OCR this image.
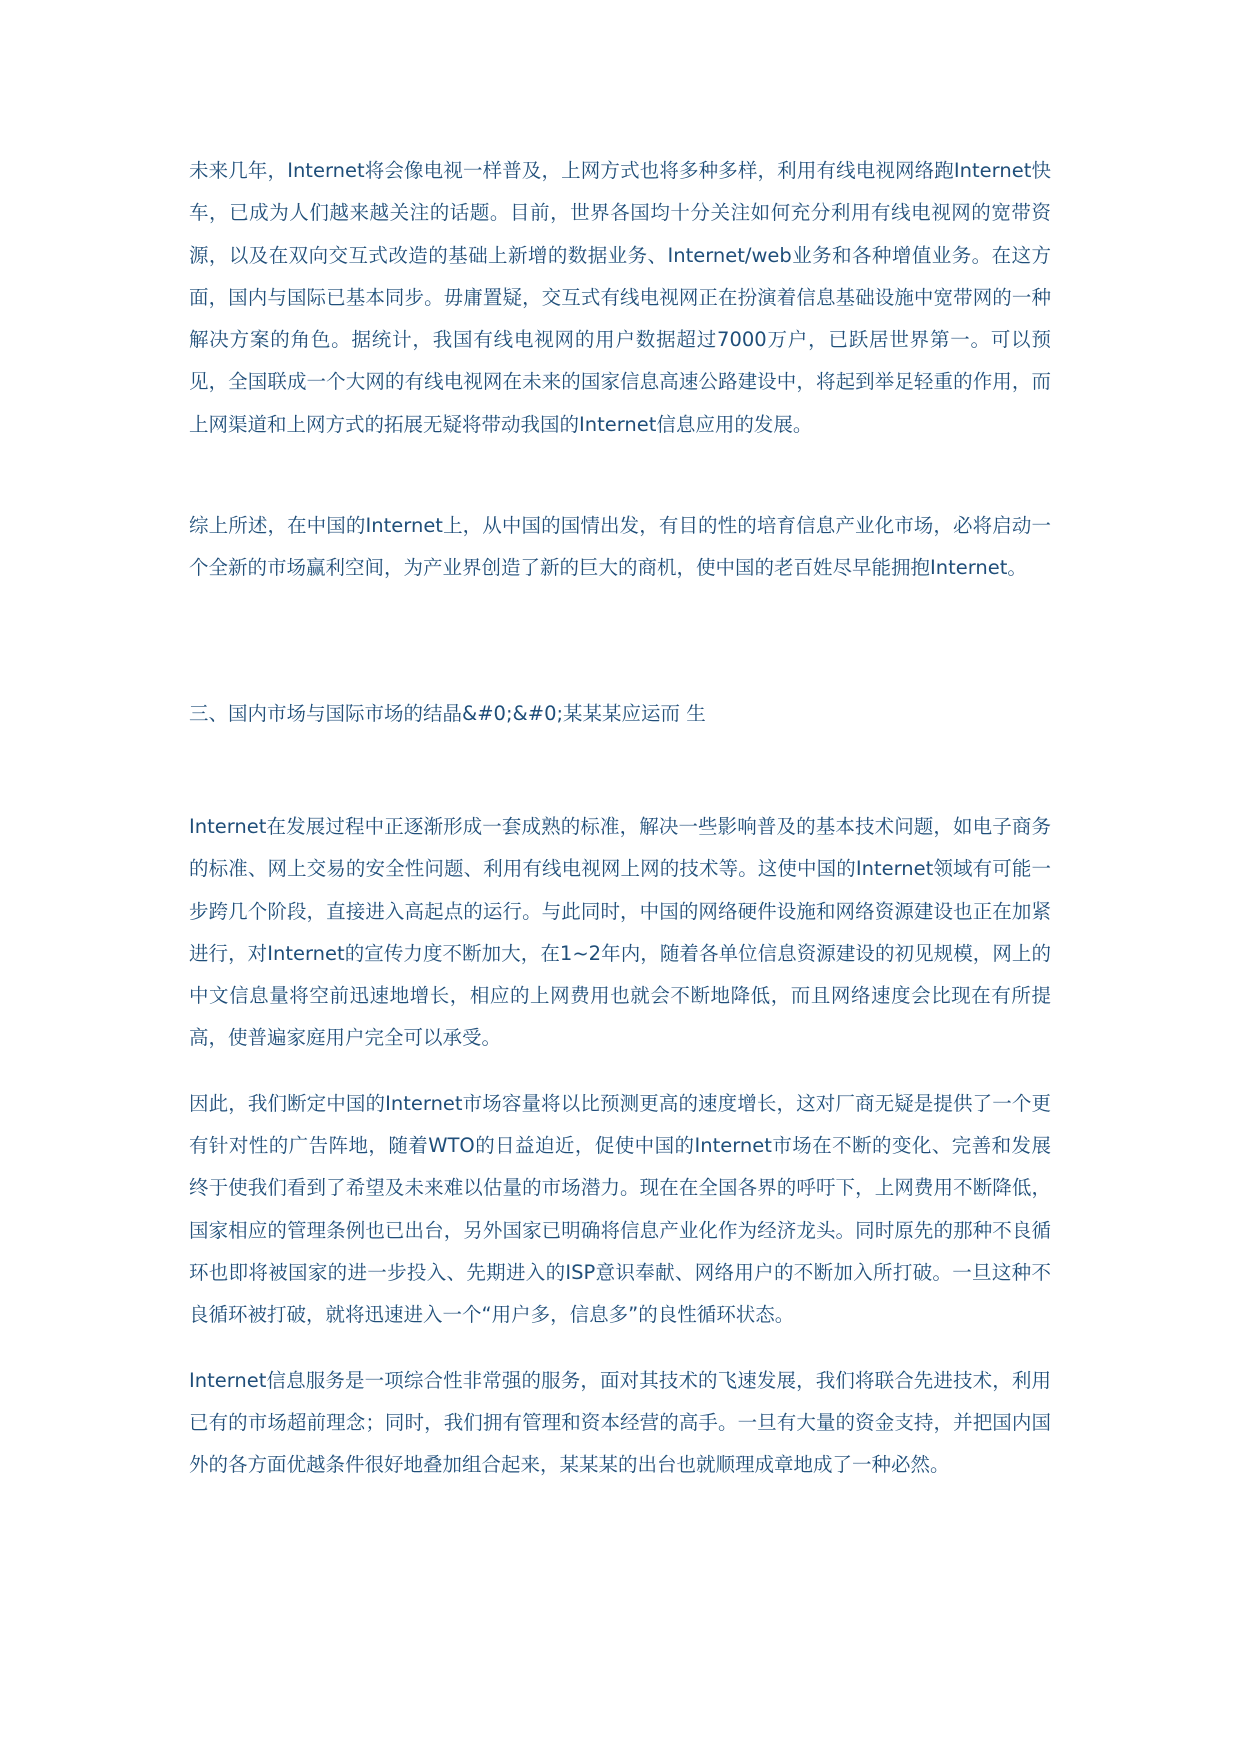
未来几年，Internet将会像电视一样普及，上网方式也将多种多样，利用有线电视网络跑Internet快车，已成为人们越来越关注的话题。目前，世界各国均十分关注如何充分利用有线电视网的宽带资源，以及在双向交互式改造的基础上新增的数据业务、Internet/web业务和各种增值业务。在这方面，国内与国际已基本同步。毋庸置疑，交互式有线电视网正在扮演着信息基础设施中宽带网的一种解决方案的角色。据统计，我国有线电视网的用户数据超过7000万户，已跃居世界第一。可以预见，全国联成一个大网的有线电视网在未来的国家信息高速公路建设中，将起到举足轻重的作用，而上网渠道和上网方式的拓展无疑将带动我国的Internet信息应用的发展。

综上所述，在中国的Internet上，从中国的国情出发，有目的性的培育信息产业化市场，必将启动一个全新的市场赢利空间，为产业界创造了新的巨大的商机，使中国的老百姓尽早能拥抱Internet。

三、国内市场与国际市场的结晶&#0;&#0;某某某应运而 生

Internet在发展过程中正逐渐形成一套成熟的标准，解决一些影响普及的基本技术问题，如电子商务的标准、网上交易的安全性问题、利用有线电视网上网的技术等。这使中国的Internet领域有可能一步跨几个阶段，直接进入高起点的运行。与此同时，中国的网络硬件设施和网络资源建设也正在加紧进行，对Internet的宣传力度不断加大，在1~2年内，随着各单位信息资源建设的初见规模，网上的中文信息量将空前迅速地增长，相应的上网费用也就会不断地降低，而且网络速度会比现在有所提高，使普遍家庭用户完全可以承受。

因此，我们断定中国的Internet市场容量将以比预测更高的速度增长，这对厂商无疑是提供了一个更有针对性的广告阵地，随着WTO的日益迫近，促使中国的Internet市场在不断的变化、完善和发展终于使我们看到了希望及未来难以估量的市场潜力。现在在全国各界的呼吁下，上网费用不断降低，国家相应的管理条例也已出台，另外国家已明确将信息产业化作为经济龙头。同时原先的那种不良循环也即将被国家的进一步投入、先期进入的ISP意识奉献、网络用户的不断加入所打破。一旦这种不良循环被打破，就将迅速进入一个“用户多，信息多”的良性循环状态。

Internet信息服务是一项综合性非常强的服务，面对其技术的飞速发展，我们将联合先进技术，利用已有的市场超前理念；同时，我们拥有管理和资本经营的高手。一旦有大量的资金支持，并把国内国外的各方面优越条件很好地叠加组合起来，某某某的出台也就顺理成章地成了一种必然。
